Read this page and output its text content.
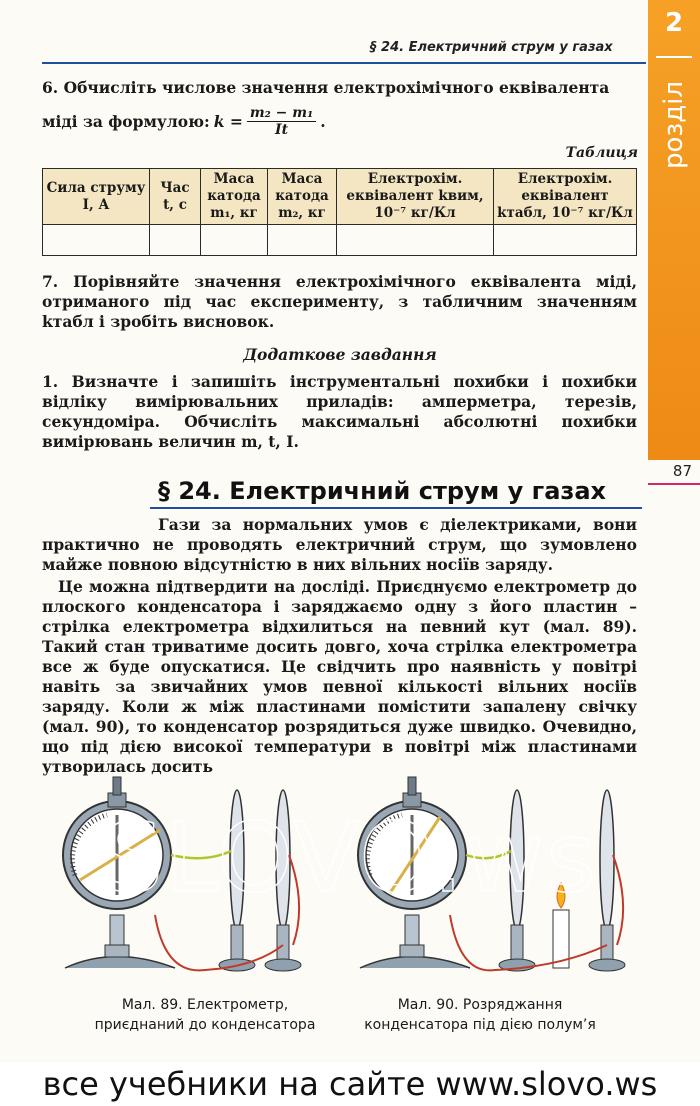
2
розділ
87
§ 24. Електричний струм у газах
6. Обчисліть числове значення електрохімічного еквівалента
міді за формулою: $k = \frac{\text{m₂ − m₁}}{It}$ .
Таблиця
Сила струму I, А	Час t, с	Маса катода m₁, кг	Маса катода m₂, кг	Електрохім. еквівалент kвим, 10⁻⁷ кг/Кл	Електрохім. еквівалент kтабл, 10⁻⁷ кг/Кл

7. Порівняйте значення електрохімічного еквівалента міді, отриманого під час експерименту, з табличним значенням kтабл і зробіть висновок.
Додаткове завдання
1. Визначте і запишіть інструментальні похибки і похибки відліку вимірювальних приладів: амперметра, терезів, секундоміра. Обчисліть максимальні абсолютні похибки вимірювань величин m, t, I.
§ 24. Електричний струм у газах
Гази за нормальних умов є діелектриками, вони практично не проводять електричний струм, що зумовлено майже повною відсутністю в них вільних носіїв заряду.
Це можна підтвердити на досліді. Приєднуємо електрометр до плоского конденсатора і заряджаємо одну з його пластин – стрілка електрометра відхилиться на певний кут (мал. 89). Такий стан триватиме досить довго, хоча стрілка електрометра все ж буде опускатися. Це свідчить про наявність у повітрі навіть за звичайних умов певної кількості вільних носіїв заряду. Коли ж між пластинами помістити запалену свічку (мал. 90), то конденсатор розрядиться дуже швидко. Очевидно, що під дією високої температури в повітрі між пластинами утворилась досить
SLOVO.ws
Мал. 89. Електрометр,
приєднаний до конденсатора
Мал. 90. Розряджання
конденсатора під дією полум’я
все учебники на сайте www.slovo.ws
